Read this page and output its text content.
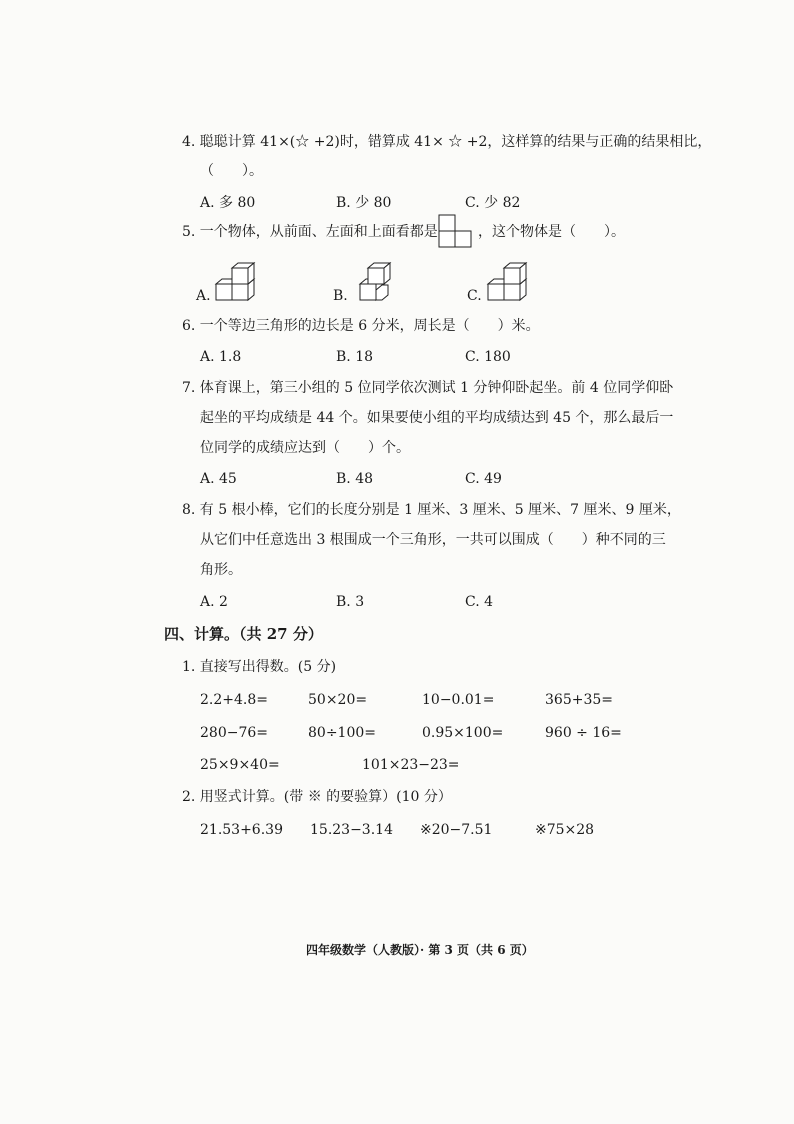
4. 聪聪计算 41×(☆ +2)时，错算成 41× ☆ +2，这样算的结果与正确的结果相比，
（　　）。
A. 多 80	B. 少 80	C. 少 82
5. 一个物体，从前面、左面和上面看都是	，这个物体是（　　）。
A.	B.	C.
6. 一个等边三角形的边长是 6 分米，周长是（　　）米。
A. 1.8	B. 18	C. 180
7. 体育课上，第三小组的 5 位同学依次测试 1 分钟仰卧起坐。前 4 位同学仰卧
起坐的平均成绩是 44 个。如果要使小组的平均成绩达到 45 个，那么最后一
位同学的成绩应达到（　　）个。
A. 45	B. 48	C. 49
8. 有 5 根小棒，它们的长度分别是 1 厘米、3 厘米、5 厘米、7 厘米、9 厘米，
从它们中任意选出 3 根围成一个三角形，一共可以围成（　　）种不同的三
角形。
A. 2	B. 3	C. 4
四、计算。（共 27 分）
1. 直接写出得数。(5 分)
2.2+4.8=	50×20=	10−0.01=	365+35=
280−76=	80÷100=	0.95×100=	960 ÷ 16=
25×9×40=	101×23−23=
2. 用竖式计算。(带 ※ 的要验算）(10 分）
21.53+6.39 15.23−3.14 ※20−7.51	※75×28
四年级数学（人教版）· 第 3 页（共 6 页）
